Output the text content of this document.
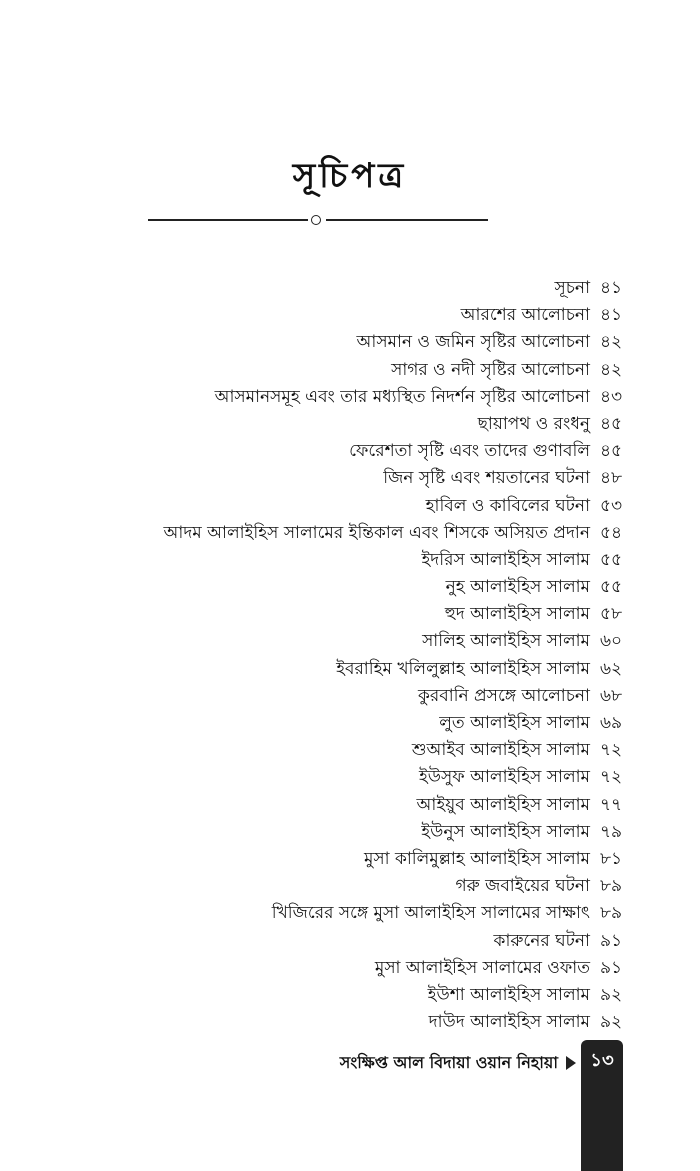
সূচিপত্র
সূচনা ৪১
আরশের আলোচনা ৪১
আসমান ও জমিন সৃষ্টির আলোচনা ৪২
সাগর ও নদী সৃষ্টির আলোচনা ৪২
আসমানসমূহ এবং তার মধ্যস্থিত নিদর্শন সৃষ্টির আলোচনা ৪৩
ছায়াপথ ও রংধনু ৪৫
ফেরেশতা সৃষ্টি এবং তাদের গুণাবলি ৪৫
জিন সৃষ্টি এবং শয়তানের ঘটনা ৪৮
হাবিল ও কাবিলের ঘটনা ৫৩
আদম আলাইহিস সালামের ইন্তিকাল এবং শিসকে অসিয়ত প্রদান ৫৪
ইদরিস আলাইহিস সালাম ৫৫
নুহ আলাইহিস সালাম ৫৫
হুদ আলাইহিস সালাম ৫৮
সালিহ আলাইহিস সালাম ৬০
ইবরাহিম খলিলুল্লাহ আলাইহিস সালাম ৬২
কুরবানি প্রসঙ্গে আলোচনা ৬৮
লুত আলাইহিস সালাম ৬৯
শুআইব আলাইহিস সালাম ৭২
ইউসুফ আলাইহিস সালাম ৭২
আইয়ুব আলাইহিস সালাম ৭৭
ইউনুস আলাইহিস সালাম ৭৯
মুসা কালিমুল্লাহ আলাইহিস সালাম ৮১
গরু জবাইয়ের ঘটনা ৮৯
খিজিরের সঙ্গে মুসা আলাইহিস সালামের সাক্ষাৎ ৮৯
কারুনের ঘটনা ৯১
মুসা আলাইহিস সালামের ওফাত ৯১
ইউশা আলাইহিস সালাম ৯২
দাউদ আলাইহিস সালাম ৯২
সংক্ষিপ্ত আল বিদায়া ওয়ান নিহায়া	১৩
